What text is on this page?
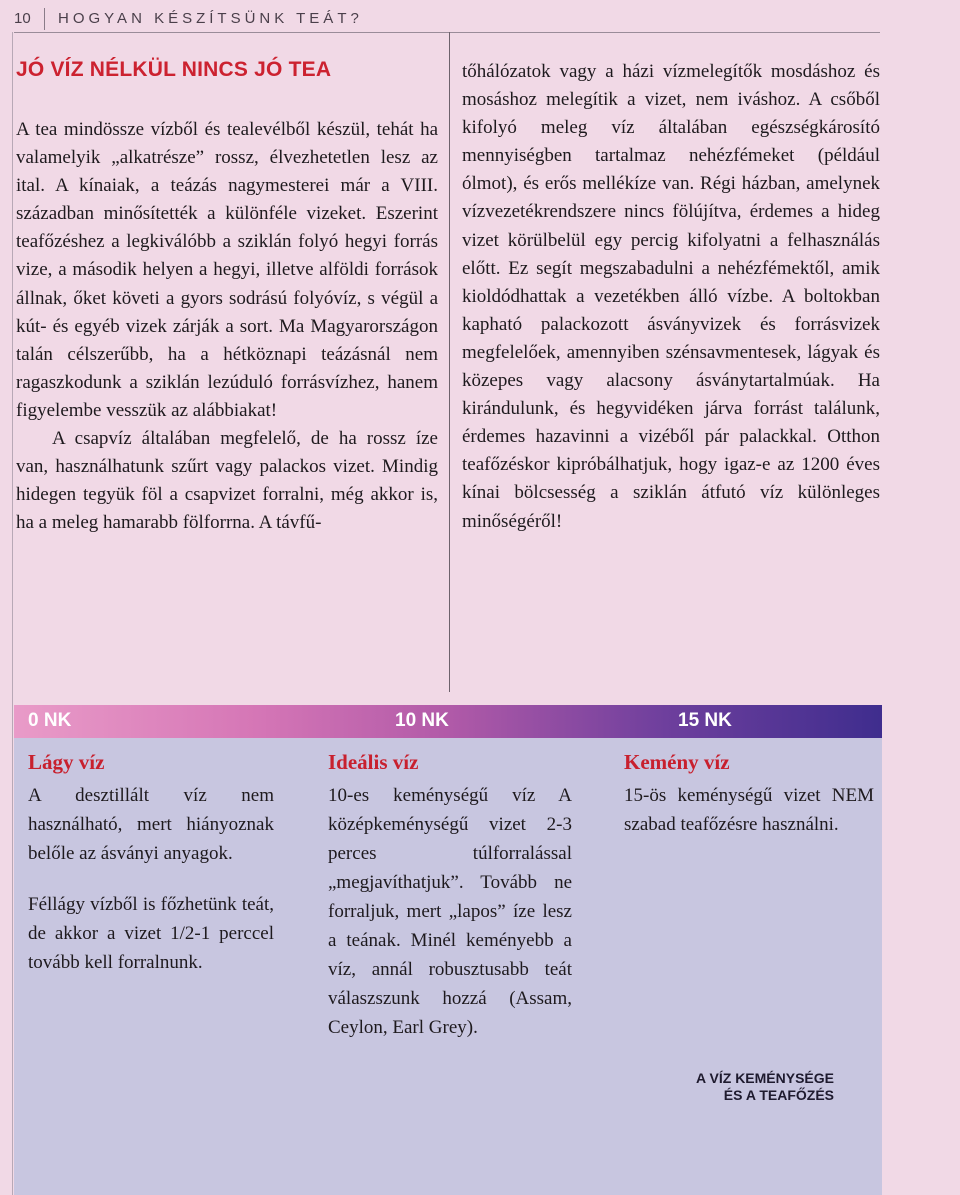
10 HOGYAN KÉSZÍTSÜNK TEÁT?
JÓ VÍZ NÉLKÜL NINCS JÓ TEA

A tea mindössze vízből és tealevélből készül, tehát ha valamelyik „alkatrésze” rossz, élvezhetetlen lesz az ital. A kínaiak, a teázás nagymesterei már a VIII. században minősítették a különféle vizeket. Eszerint teafőzéshez a legkiválóbb a sziklán folyó hegyi forrás vize, a második helyen a hegyi, illetve alföldi források állnak, őket követi a gyors sodrású folyóvíz, s végül a kút- és egyéb vizek zárják a sort. Ma Magyarországon talán célszerűbb, ha a hétköznapi teázásnál nem ragaszkodunk a sziklán lezúduló forrásvízhez, hanem figyelembe vesszük az alábbiakat!

A csapvíz általában megfelelő, de ha rossz íze van, használhatunk szűrt vagy palackos vizet. Mindig hidegen tegyük föl a csapvizet forralni, még akkor is, ha a meleg hamarabb fölforrna. A távfű-

tőhálózatok vagy a házi vízmelegítők mosdáshoz és mosáshoz melegítik a vizet, nem iváshoz. A csőből kifolyó meleg víz általában egészségkárosító mennyiségben tartalmaz nehézfémeket (például ólmot), és erős mellékíze van. Régi házban, amelynek vízvezetékrendszere nincs fölújítva, érdemes a hideg vizet körülbelül egy percig kifolyatni a felhasználás előtt. Ez segít megszabadulni a nehézfémektől, amik kioldódhattak a vezetékben álló vízbe. A boltokban kapható palackozott ásványvizek és forrásvizek megfelelőek, amennyiben szénsavmentesek, lágyak és közepes vagy alacsony ásványtartalmúak. Ha kirándulunk, és hegyvidéken járva forrást találunk, érdemes hazavinni a vizéből pár palackkal. Otthon teafőzéskor kipróbálhatjuk, hogy igaz-e az 1200 éves kínai bölcsesség a sziklán átfutó víz különleges minőségéről!

0 NK	10 NK	15 NK
Lágy víz

A desztillált víz nem használható, mert hiányoznak belőle az ásványi anyagok.

Féllágy vízből is főzhetünk teát, de akkor a vizet 1/2-1 perccel tovább kell forralnunk.

Ideális víz

10-es keménységű víz A középkeménységű vizet 2-3 perces túlforralással „megjavíthatjuk”. Tovább ne forraljuk, mert „lapos” íze lesz a teának. Minél keményebb a víz, annál robusztusabb teát válaszszunk hozzá (Assam, Ceylon, Earl Grey).

Kemény víz

15-ös keménységű vizet NEM szabad teafőzésre használni.

A VÍZ KEMÉNYSÉGE
ÉS A TEAFŐZÉS
